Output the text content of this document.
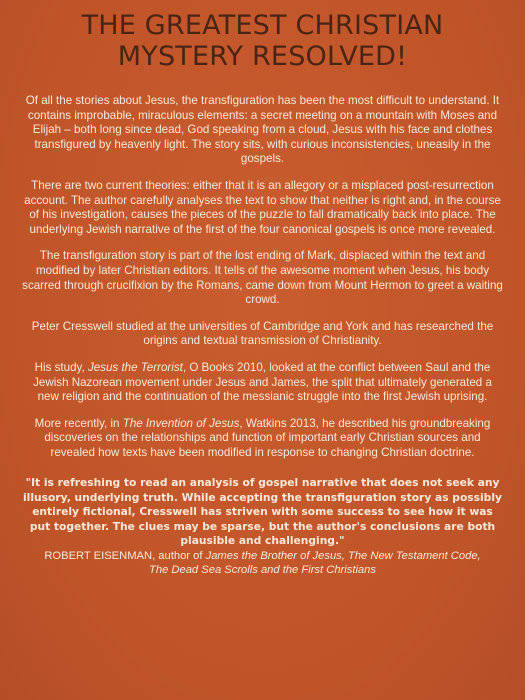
THE GREATEST CHRISTIAN
MYSTERY RESOLVED!

Of all the stories about Jesus, the transfiguration has been the most difficult to understand. It contains improbable, miraculous elements: a secret meeting on a mountain with Moses and Elijah – both long since dead, God speaking from a cloud, Jesus with his face and clothes transfigured by heavenly light. The story sits, with curious inconsistencies, uneasily in the gospels.

There are two current theories: either that it is an allegory or a misplaced post-resurrection account. The author carefully analyses the text to show that neither is right and, in the course of his investigation, causes the pieces of the puzzle to fall dramatically back into place. The underlying Jewish narrative of the first of the four canonical gospels is once more revealed.

The transfiguration story is part of the lost ending of Mark, displaced within the text and modified by later Christian editors. It tells of the awesome moment when Jesus, his body scarred through crucifixion by the Romans, came down from Mount Hermon to greet a waiting crowd.

Peter Cresswell studied at the universities of Cambridge and York and has researched the origins and textual transmission of Christianity.

His study, Jesus the Terrorist, O Books 2010, looked at the conflict between Saul and the Jewish Nazorean movement under Jesus and James, the split that ultimately generated a new religion and the continuation of the messianic struggle into the first Jewish uprising.

More recently, in The Invention of Jesus, Watkins 2013, he described his groundbreaking discoveries on the relationships and function of important early Christian sources and revealed how texts have been modified in response to changing Christian doctrine.

"It is refreshing to read an analysis of gospel narrative that does not seek any illusory, underlying truth. While accepting the transfiguration story as possibly entirely fictional, Cresswell has striven with some success to see how it was put together. The clues may be sparse, but the author's conclusions are both plausible and challenging."

ROBERT EISENMAN, author of James the Brother of Jesus, The New Testament Code,
The Dead Sea Scrolls and the First Christians
